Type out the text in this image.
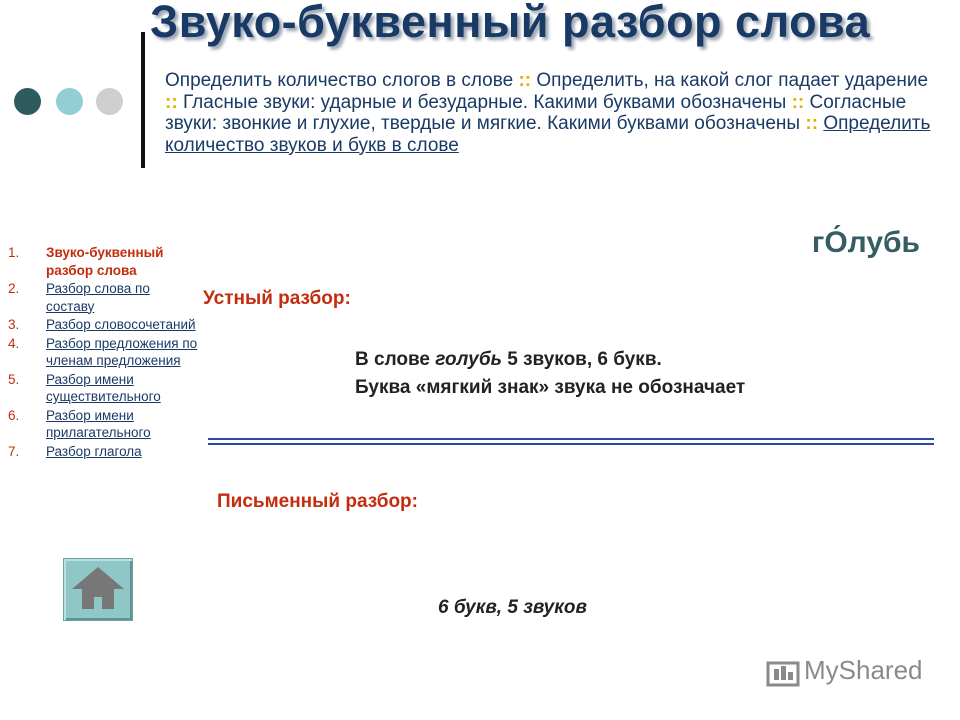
Звуко-буквенный разбор слова
Определить количество слогов в слове :: Определить, на какой слог падает ударение :: Гласные звуки: ударные и безударные. Какими буквами обозначены :: Согласные звуки: звонкие и глухие, твердые и мягкие. Какими буквами обозначены :: Определить количество звуков и букв в слове
гО́лубь
Устный разбор:
В слове голубь 5 звуков, 6 букв.
Буква «мягкий знак» звука не обозначает
Письменный разбор:
6 букв, 5 звуков
1. Звуко-буквенный разбор слова
2. Разбор слова по составу
3. Разбор словосочетаний
4. Разбор предложения по членам предложения
5. Разбор имени существительного
6. Разбор имени прилагательного
7. Разбор глагола
MyShared
